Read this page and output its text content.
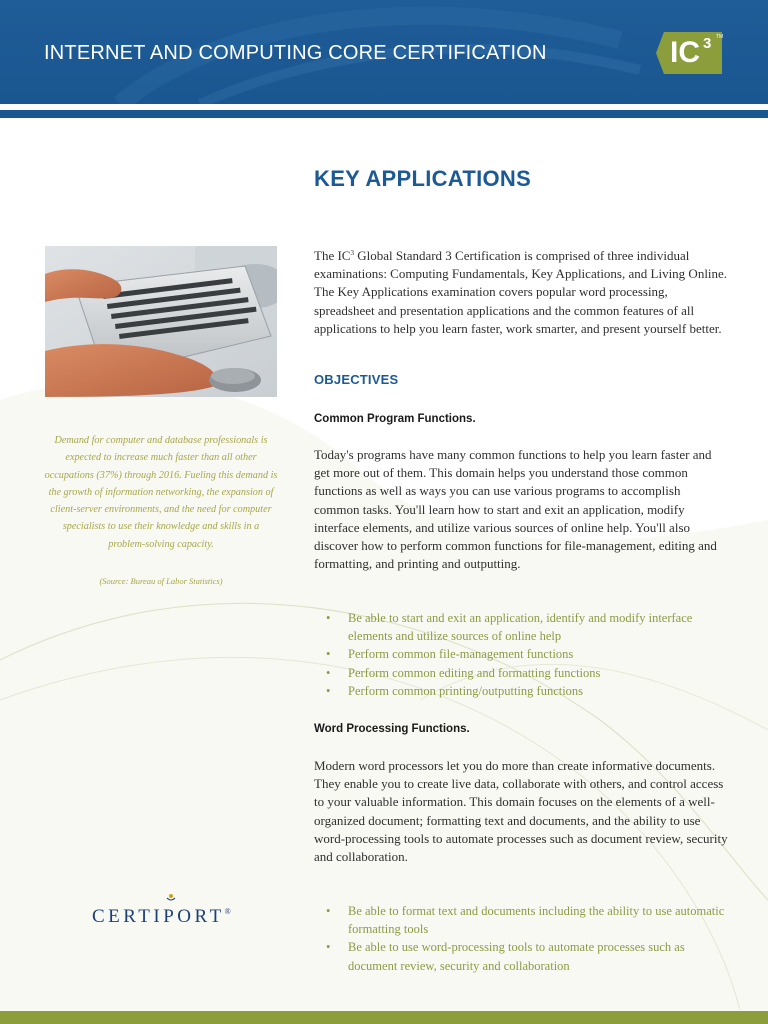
INTERNET AND COMPUTING CORE CERTIFICATION	IC 3 TM
KEY APPLICATIONS
Demand for computer and database professionals is expected to increase much faster than all other occupations (37%) through 2016. Fueling this demand is the growth of information networking, the expansion of client-server environments, and the need for computer specialists to use their knowledge and skills in a problem-solving capacity.
(Source: Bureau of Labor Statistics)

The $IC^3$ Global Standard 3 Certification is comprised of three individual examinations: Computing Fundamentals, Key Applications, and Living Online. The Key Applications examination covers popular word processing, spreadsheet and presentation applications and the common features of all applications to help you learn faster, work smarter, and present yourself better.

OBJECTIVES
Common Program Functions.

Today's programs have many common functions to help you learn faster and get more out of them. This domain helps you understand those common functions as well as ways you can use various programs to accomplish common tasks. You'll learn how to start and exit an application, modify interface elements, and utilize various sources of online help. You'll also discover how to perform common functions for file-management, editing and formatting, and printing and outputting.

• Be able to start and exit an application, identify and modify interface elements and utilize sources of online help
• Perform common file-management functions
• Perform common editing and formatting functions
• Perform common printing/outputting functions
Word Processing Functions.

Modern word processors let you do more than create informative documents. They enable you to create live data, collaborate with others, and control access to your valuable information. This domain focuses on the elements of a well-organized document; formatting text and documents, and the ability to use word-processing tools to automate processes such as document review, security and collaboration.

• Be able to format text and documents including the ability to use automatic formatting tools
• Be able to use word-processing tools to automate processes such as document review, security and collaboration
CERTIPORT®
